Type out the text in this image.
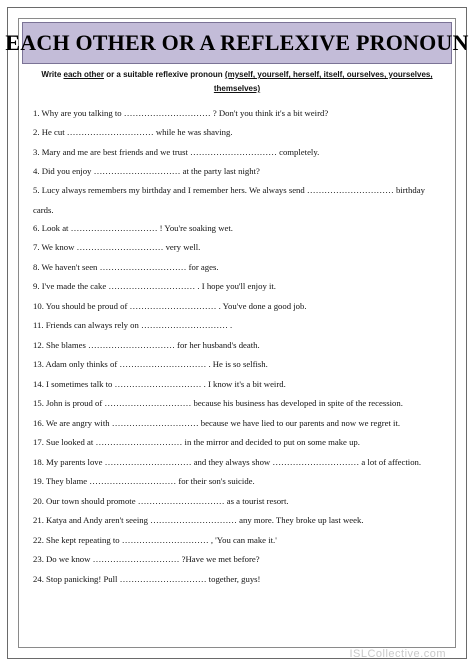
EACH OTHER OR A REFLEXIVE PRONOUN
Write each other or a suitable reflexive pronoun (myself, yourself, herself, itself, ourselves, yourselves, themselves)
1. Why are you talking to ………………………… ? Don't you think it's a bit weird?
2. He cut ………………………… while he was shaving.
3. Mary and me are best friends and we trust ………………………… completely.
4. Did you enjoy ………………………… at the party last night?
5. Lucy always remembers my birthday and I remember hers. We always send ………………………… birthday
cards.
6. Look at ………………………… ! You're soaking wet.
7. We know ………………………… very well.
8. We haven't seen ………………………… for ages.
9. I've made the cake ………………………… . I hope you'll enjoy it.
10. You should be proud of ………………………… . You've done a good job.
11. Friends can always rely on ………………………… .
12. She blames ………………………… for her husband's death.
13. Adam only thinks of ………………………… . He is so selfish.
14. I sometimes talk to ………………………… . I know it's a bit weird.
15. John is proud of ………………………… because his business has developed in spite of the recession.
16. We are angry with ………………………… because we have lied to our parents and now we regret it.
17. Sue looked at ………………………… in the mirror and decided to put on some make up.
18. My parents love ………………………… and they always show ………………………… a lot of affection.
19. They blame ………………………… for their son's suicide.
20. Our town should promote ………………………… as a tourist resort.
21. Katya and Andy aren't seeing ………………………… any more. They broke up last week.
22. She kept repeating to ………………………… , 'You can make it.'
23. Do we know ………………………… ?Have we met before?
24. Stop panicking! Pull ………………………… together, guys!
ISLCollective.com
